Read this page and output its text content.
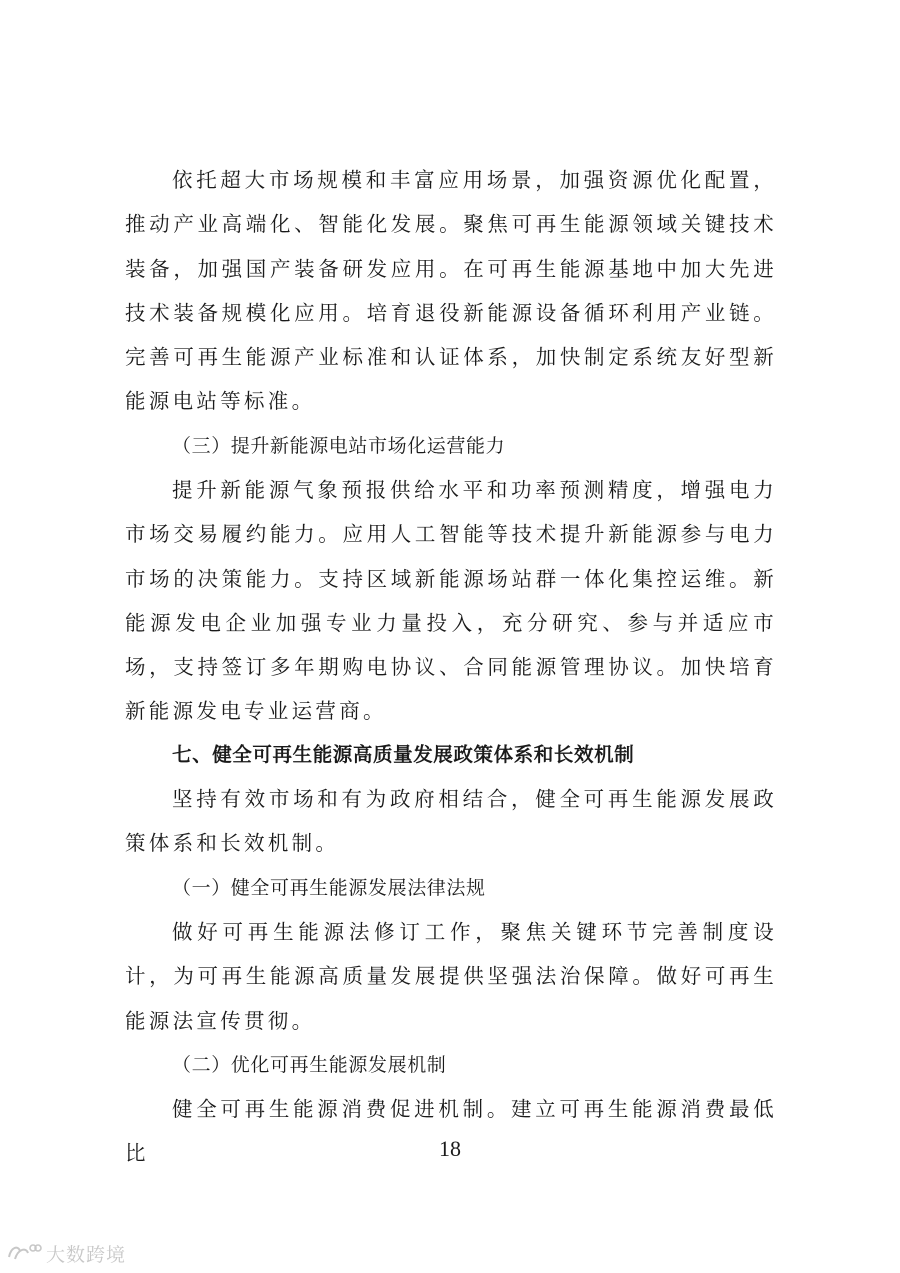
依托超大市场规模和丰富应用场景，加强资源优化配置，推动产业高端化、智能化发展。聚焦可再生能源领域关键技术装备，加强国产装备研发应用。在可再生能源基地中加大先进技术装备规模化应用。培育退役新能源设备循环利用产业链。完善可再生能源产业标准和认证体系，加快制定系统友好型新能源电站等标准。

（三）提升新能源电站市场化运营能力

提升新能源气象预报供给水平和功率预测精度，增强电力市场交易履约能力。应用人工智能等技术提升新能源参与电力市场的决策能力。支持区域新能源场站群一体化集控运维。新能源发电企业加强专业力量投入，充分研究、参与并适应市场，支持签订多年期购电协议、合同能源管理协议。加快培育新能源发电专业运营商。

七、健全可再生能源高质量发展政策体系和长效机制

坚持有效市场和有为政府相结合，健全可再生能源发展政策体系和长效机制。

（一）健全可再生能源发展法律法规

做好可再生能源法修订工作，聚焦关键环节完善制度设计，为可再生能源高质量发展提供坚强法治保障。做好可再生能源法宣传贯彻。

（二）优化可再生能源发展机制

健全可再生能源消费促进机制。建立可再生能源消费最低比	18
大数跨境
